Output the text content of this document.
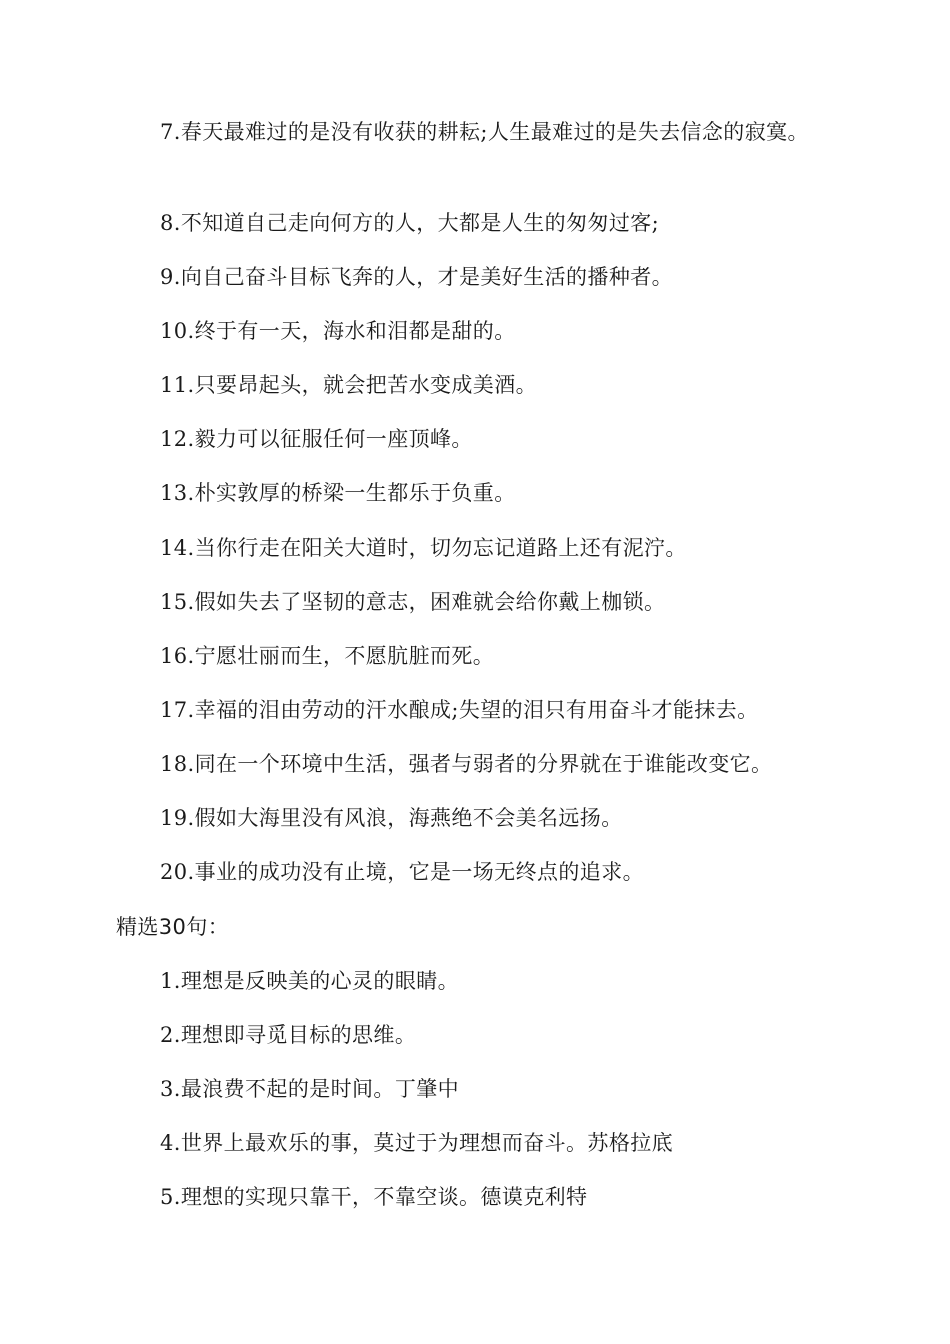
7.春天最难过的是没有收获的耕耘;人生最难过的是失去信念的寂寞。
8.不知道自己走向何方的人，大都是人生的匆匆过客;
9.向自己奋斗目标飞奔的人，才是美好生活的播种者。
10.终于有一天，海水和泪都是甜的。
11.只要昂起头，就会把苦水变成美酒。
12.毅力可以征服任何一座顶峰。
13.朴实敦厚的桥梁一生都乐于负重。
14.当你行走在阳关大道时，切勿忘记道路上还有泥泞。
15.假如失去了坚韧的意志，困难就会给你戴上枷锁。
16.宁愿壮丽而生，不愿肮脏而死。
17.幸福的泪由劳动的汗水酿成;失望的泪只有用奋斗才能抹去。
18.同在一个环境中生活，强者与弱者的分界就在于谁能改变它。
19.假如大海里没有风浪，海燕绝不会美名远扬。
20.事业的成功没有止境，它是一场无终点的追求。
精选30句：
1.理想是反映美的心灵的眼睛。
2.理想即寻觅目标的思维。
3.最浪费不起的是时间。丁肇中
4.世界上最欢乐的事，莫过于为理想而奋斗。苏格拉底
5.理想的实现只靠干，不靠空谈。德谟克利特
